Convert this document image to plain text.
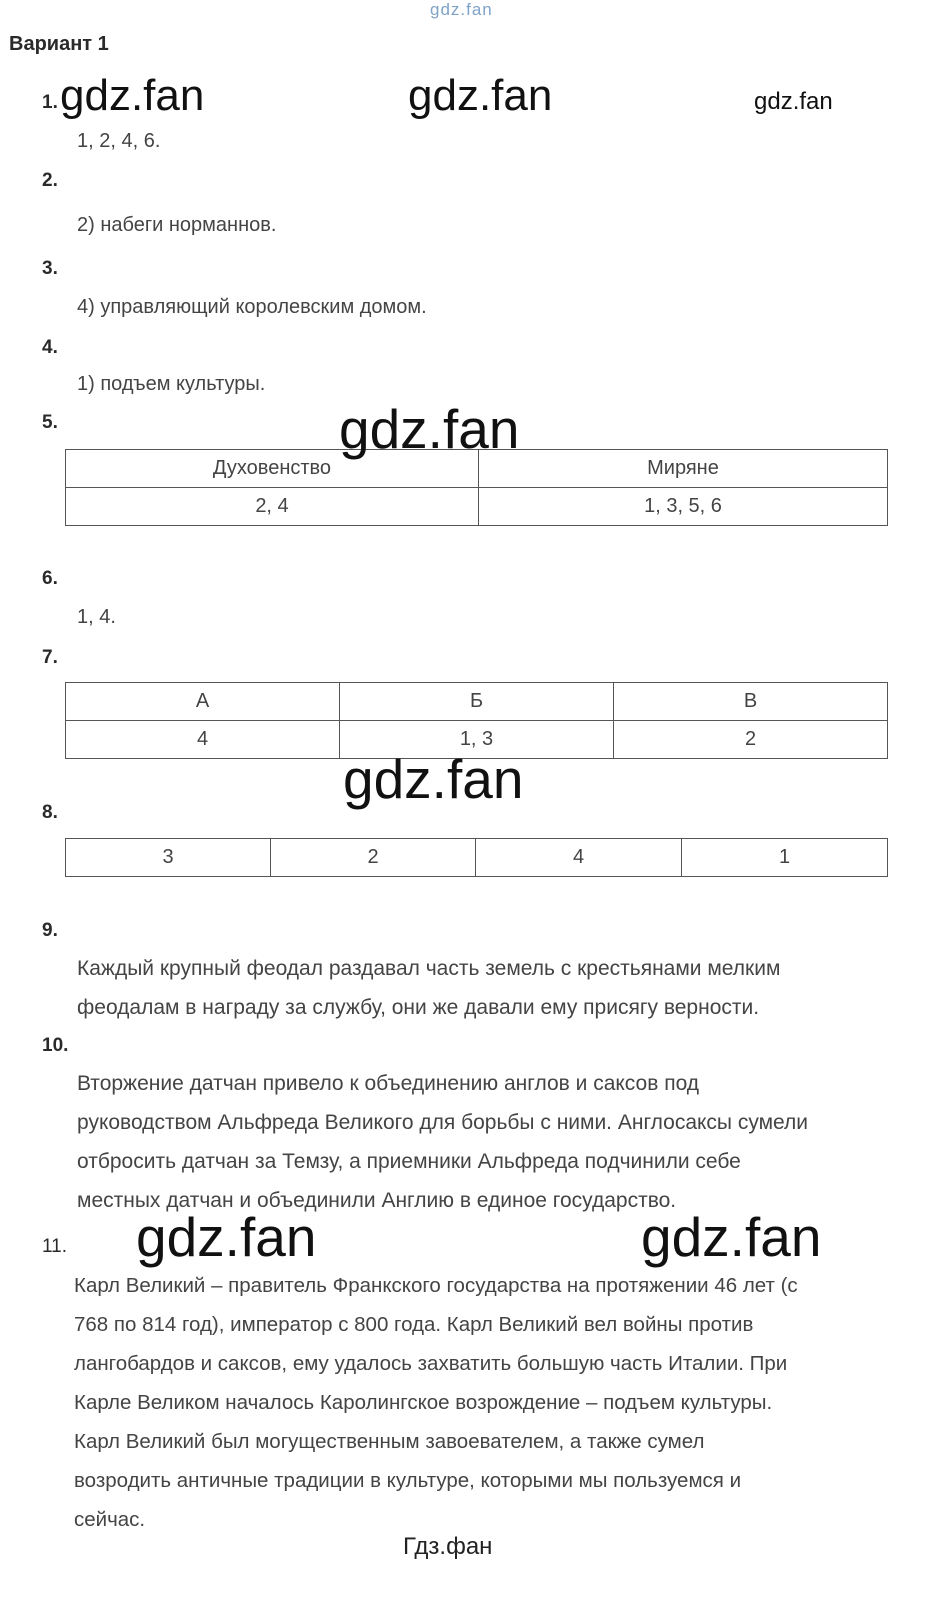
gdz.fan
Вариант 1
1. gdz.fan	gdz.fan	gdz.fan
1, 2, 4, 6.
2.
2) набеги норманнов.
3.
4) управляющий королевским домом.
4.
1) подъем культуры.
5.
Духовенство	Миряне
2, 4	1, 3, 5, 6
gdz.fan
6.
1, 4.
7.
А	Б	В
4	1, 3	2
gdz.fan
8.
3	2	4	1
9.
Каждый крупный феодал раздавал часть земель с крестьянами мелким
феодалам в награду за службу, они же давали ему присягу верности.
10.
Вторжение датчан привело к объединению англов и саксов под
руководством Альфреда Великого для борьбы с ними. Англосаксы сумели
отбросить датчан за Темзу, а приемники Альфреда подчинили себе
местных датчан и объединили Англию в единое государство.
11. gdz.fan	gdz.fan
Карл Великий – правитель Франкского государства на протяжении 46 лет (с
768 по 814 год), император с 800 года. Карл Великий вел войны против
лангобардов и саксов, ему удалось захватить большую часть Италии. При
Карле Великом началось Каролингское возрождение – подъем культуры.
Карл Великий был могущественным завоевателем, а также сумел
возродить античные традиции в культуре, которыми мы пользуемся и
сейчас.
Гдз.фан
